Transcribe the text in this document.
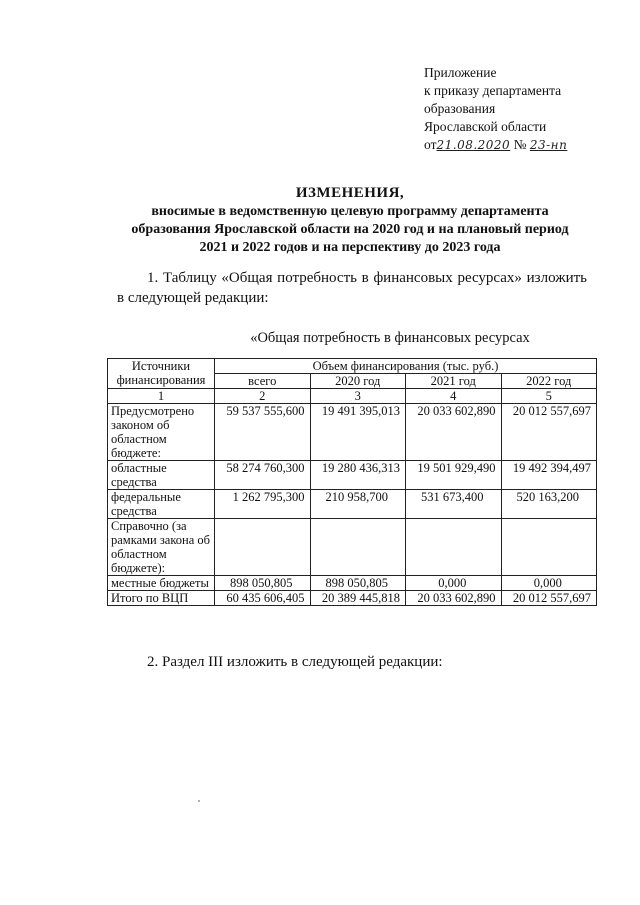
Приложение
к приказу департамента
образования
Ярославской области
от21.08.2020 № 23-нп
ИЗМЕНЕНИЯ,
вносимые в ведомственную целевую программу департамента
образования Ярославской области на 2020 год и на плановый период
2021 и 2022 годов и на перспективу до 2023 года
1. Таблицу «Общая потребность в финансовых ресурсах» изложить
в следующей редакции:
«Общая потребность в финансовых ресурсах
Источники финансирования	Объем финансирования (тыс. руб.)			
	всего	2020 год	2021 год	2022 год
1	2	3	4	5
Предусмотрено законом об областном бюджете:	59 537 555,600	19 491 395,013	20 033 602,890	20 012 557,697
областные средства	58 274 760,300	19 280 436,313	19 501 929,490	19 492 394,497
федеральные средства	1 262 795,300	210 958,700	531 673,400	520 163,200
Справочно (за рамками закона об областном бюджете):				
местные бюджеты	898 050,805	898 050,805	0,000	0,000
Итого по ВЦП	60 435 606,405	20 389 445,818	20 033 602,890	20 012 557,697
2. Раздел III изложить в следующей редакции:
